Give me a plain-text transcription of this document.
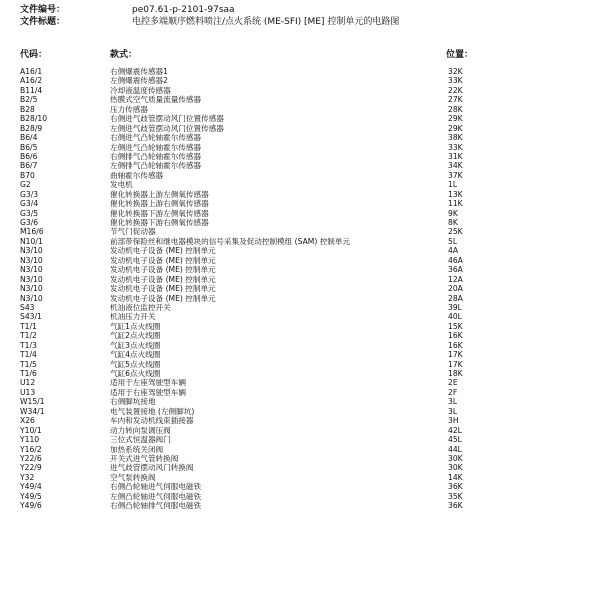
文件编号：	pe07.61-p-2101-97saa
文件标题：	电控多端顺序燃料喷注/点火系统 (ME-SFI) [ME] 控制单元的电路图
代码：	款式：	位置：
A16/1	右侧爆震传感器1	32K
A16/2	左侧爆震传感器2	33K
B11/4	冷却液温度传感器	22K
B2/5	热膜式空气质量流量传感器	27K
B28	压力传感器	28K
B28/10	右侧进气歧管摆动风门位置传感器	29K
B28/9	左侧进气歧管摆动风门位置传感器	29K
B6/4	右侧进气凸轮轴霍尔传感器	38K
B6/5	左侧进气凸轮轴霍尔传感器	33K
B6/6	右侧排气凸轮轴霍尔传感器	31K
B6/7	左侧排气凸轮轴霍尔传感器	34K
B70	曲轴霍尔传感器	37K
G2	发电机	1L
G3/3	催化转换器上游左侧氧传感器	13K
G3/4	催化转换器上游右侧氧传感器	11K
G3/5	催化转换器下游左侧氧传感器	9K
G3/6	催化转换器下游右侧氧传感器	8K
M16/6	节气门促动器	25K
N10/1	前部带保险丝和继电器模块的信号采集及促动控制模组 (SAM) 控制单元	5L
N3/10	发动机电子设备 (ME) 控制单元	4A
N3/10	发动机电子设备 (ME) 控制单元	46A
N3/10	发动机电子设备 (ME) 控制单元	36A
N3/10	发动机电子设备 (ME) 控制单元	12A
N3/10	发动机电子设备 (ME) 控制单元	20A
N3/10	发动机电子设备 (ME) 控制单元	28A
S43	机油液位监控开关	39L
S43/1	机油压力开关	40L
T1/1	气缸1点火线圈	15K
T1/2	气缸2点火线圈	16K
T1/3	气缸3点火线圈	16K
T1/4	气缸4点火线圈	17K
T1/5	气缸5点火线圈	17K
T1/6	气缸6点火线圈	18K
U12	适用于左座驾驶型车辆	2E
U13	适用于右座驾驶型车辆	2F
W15/1	右侧脚坑接地	3L
W34/1	电气装置接地 (左侧脚坑)	3L
X26	车内和发动机线束插接器	3H
Y10/1	动力转向泵调压阀	42L
Y110	三位式恒温器阀门	45L
Y16/2	加热系统关闭阀	44L
Y22/6	开关式进气管转换阀	30K
Y22/9	进气歧管摆动风门转换阀	30K
Y32	空气泵转换阀	14K
Y49/4	右侧凸轮轴进气伺服电磁铁	36K
Y49/5	左侧凸轮轴进气伺服电磁铁	35K
Y49/6	右侧凸轮轴排气伺服电磁铁	36K
